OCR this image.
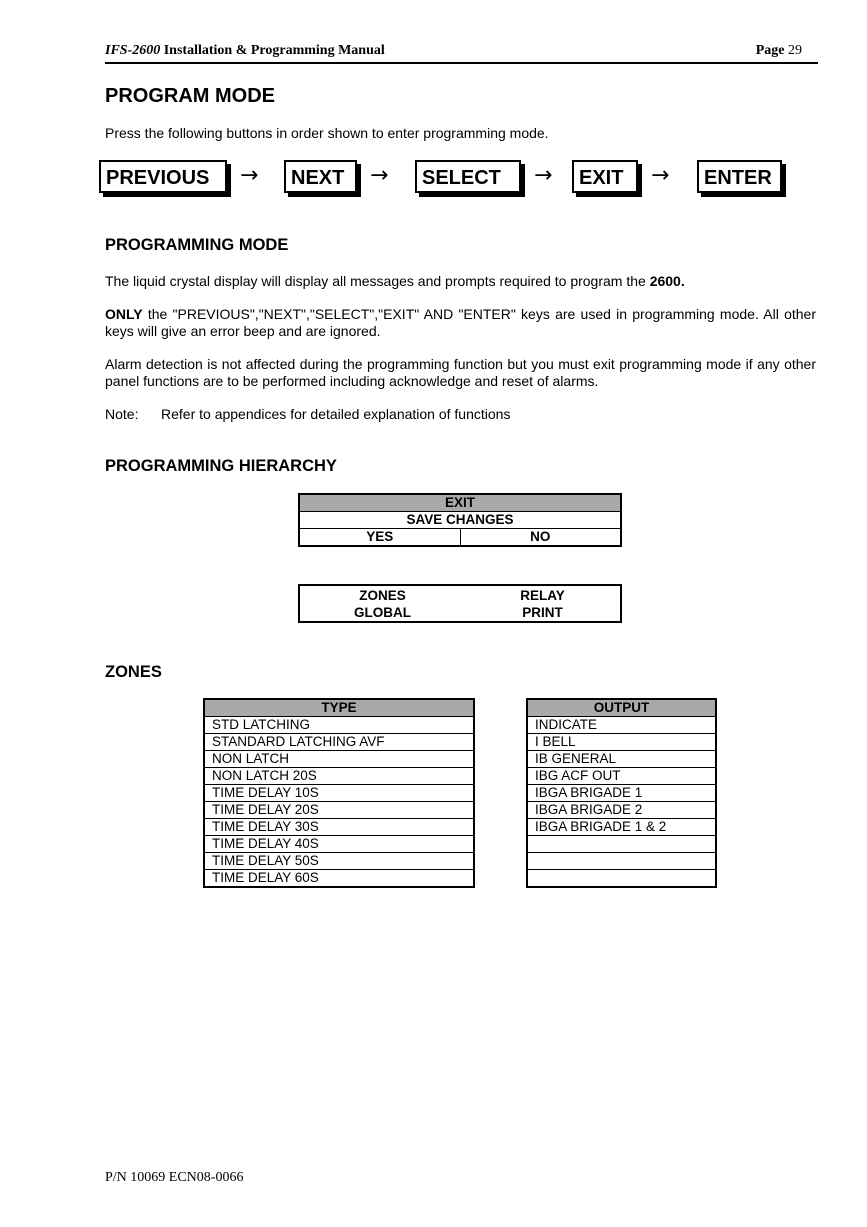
IFS-2600 Installation & Programming Manual	Page 29
PROGRAM MODE
Press the following buttons in order shown to enter programming mode.
PREVIOUS	→	NEXT	→	SELECT	→	EXIT	→	ENTER
PROGRAMMING MODE
The liquid crystal display will display all messages and prompts required to program the 2600.
ONLY the "PREVIOUS","NEXT","SELECT","EXIT" AND "ENTER" keys are used in programming mode. All other keys will give an error beep and are ignored.
Alarm detection is not affected during the programming function but you must exit programming mode if any other panel functions are to be performed including acknowledge and reset of alarms.
Note: Refer to appendices for detailed explanation of functions
PROGRAMMING HIERARCHY
EXIT
SAVE CHANGES
YES	NO
ZONES	RELAY
GLOBAL	PRINT
ZONES
TYPE
STD LATCHING
STANDARD LATCHING AVF
NON LATCH
NON LATCH 20S
TIME DELAY 10S
TIME DELAY 20S
TIME DELAY 30S
TIME DELAY 40S
TIME DELAY 50S
TIME DELAY 60S
OUTPUT
INDICATE
I BELL
IB GENERAL
IBG ACF OUT
IBGA BRIGADE 1
IBGA BRIGADE 2
IBGA BRIGADE 1 & 2

P/N 10069 ECN08-0066
